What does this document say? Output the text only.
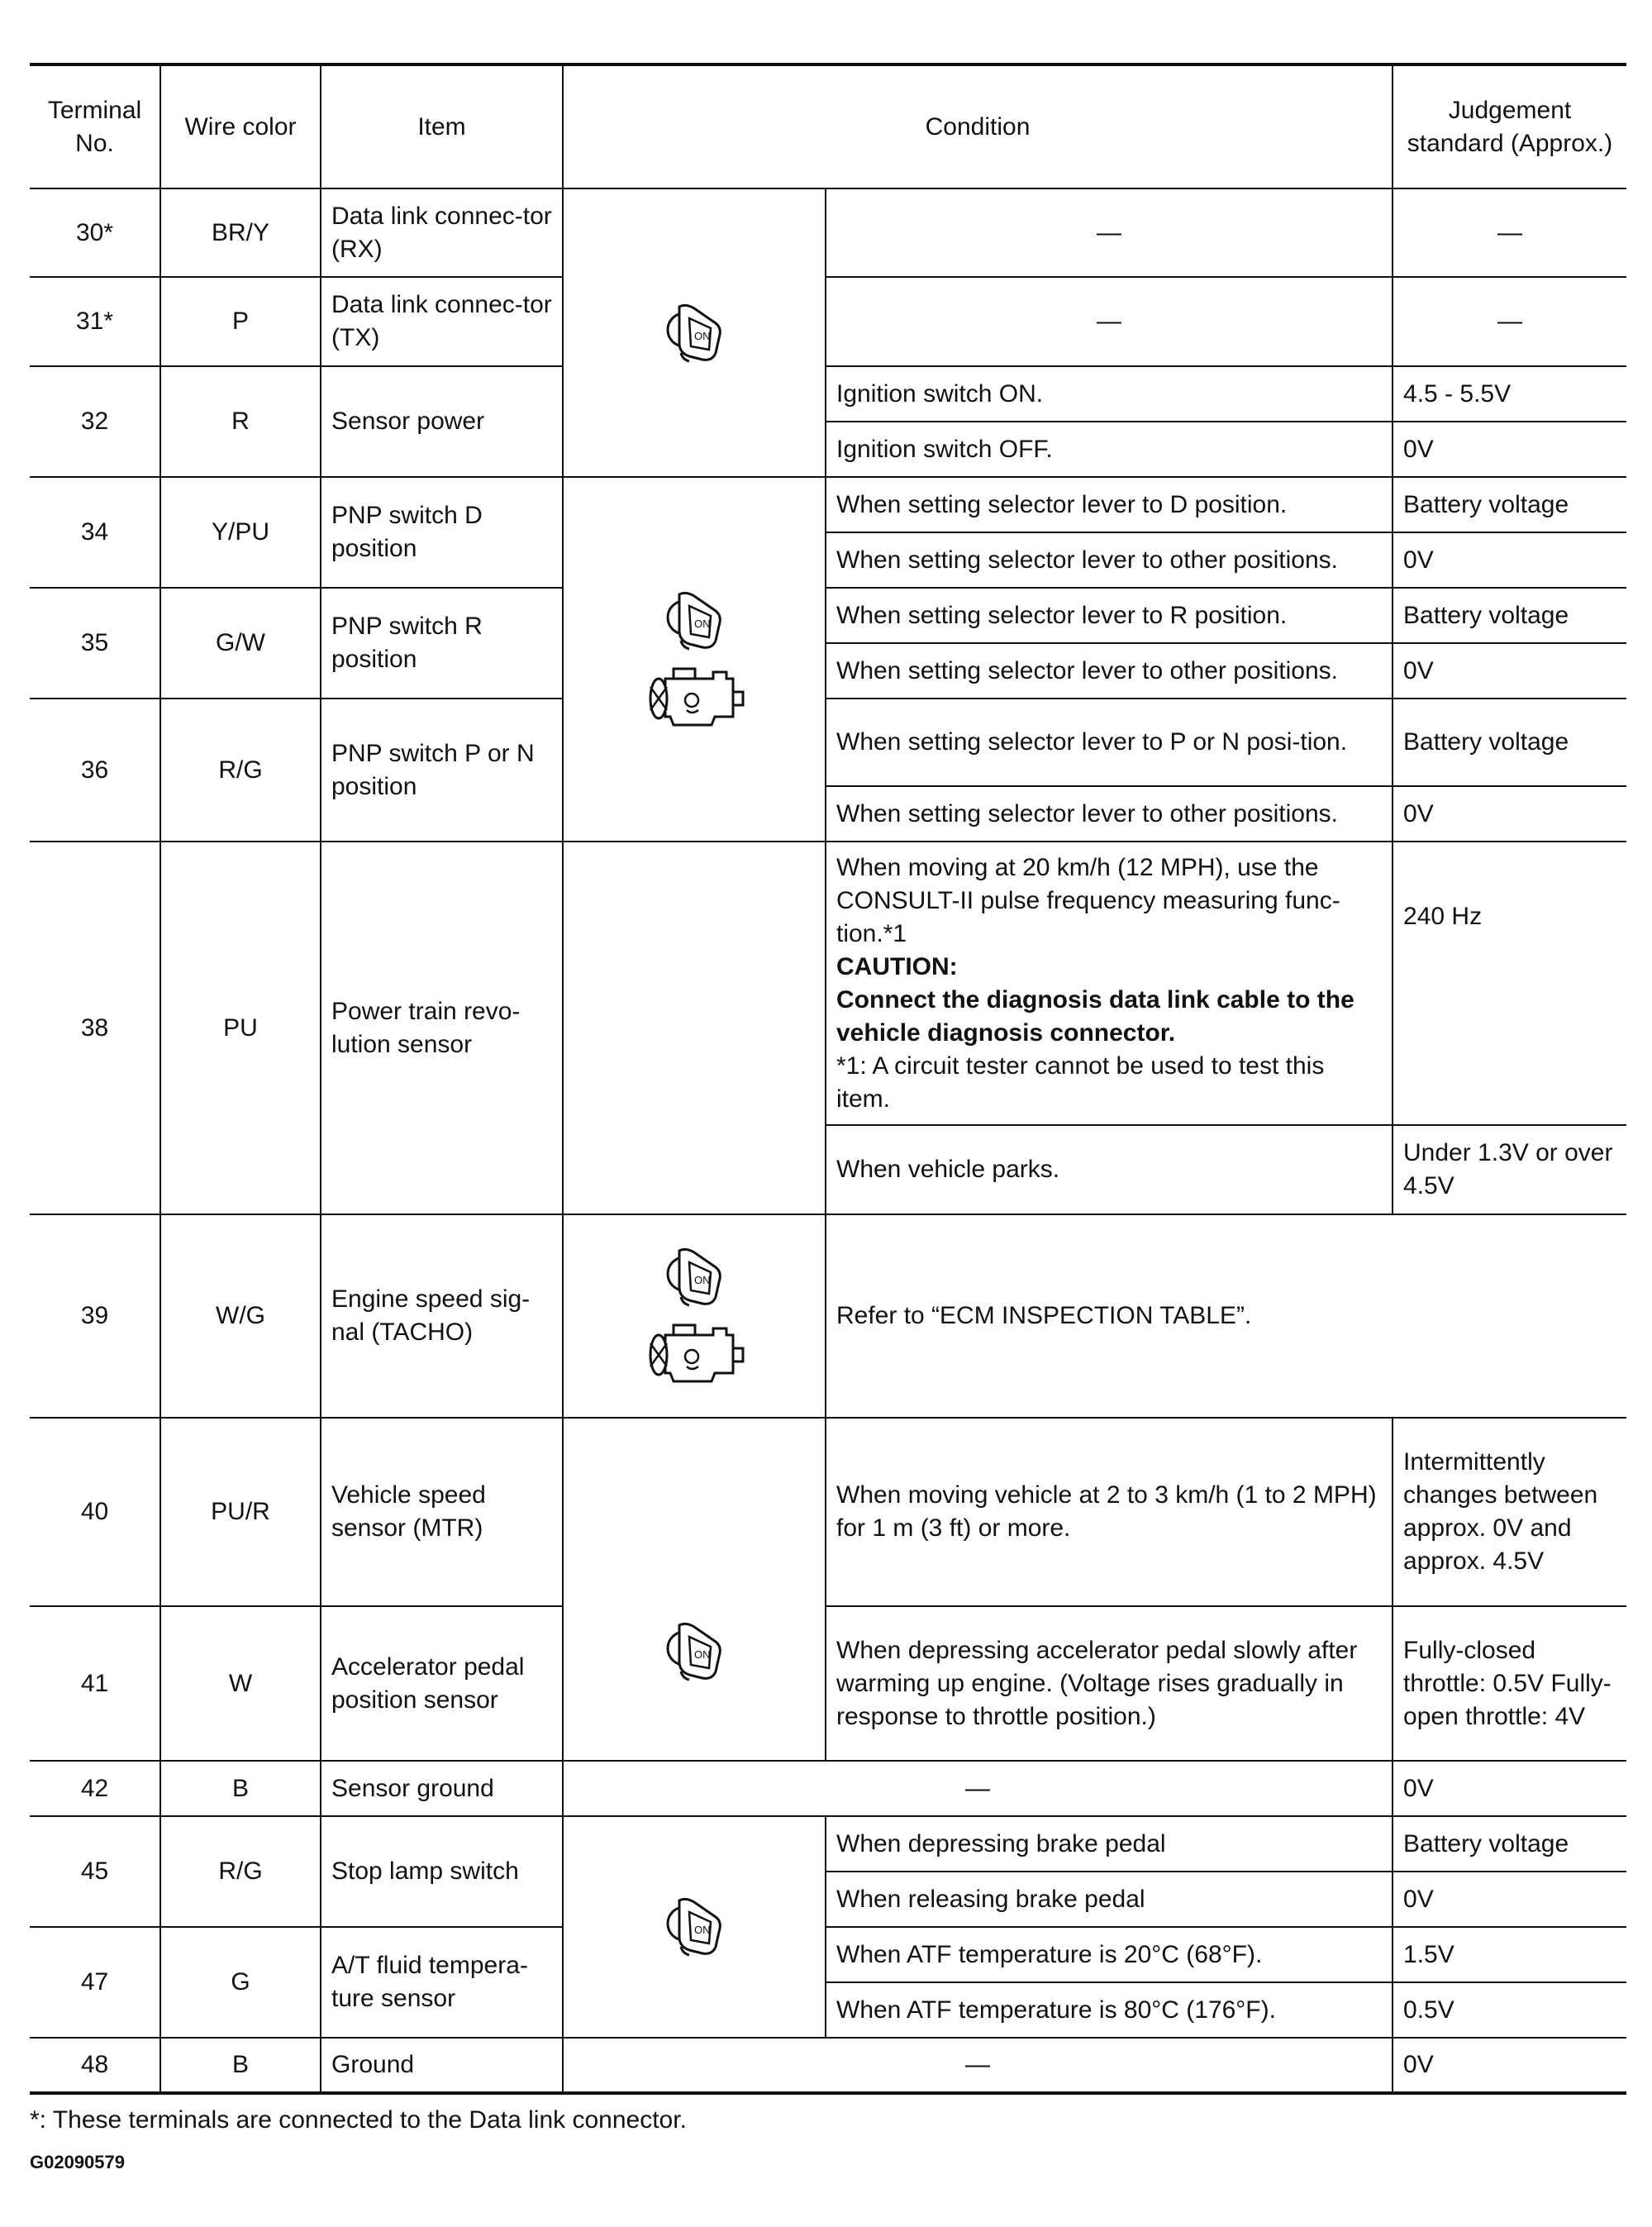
Terminal No.	Wire color	Item	Condition		Judgement standard (Approx.)
30*	BR/Y	Data link connec-tor (RX)		—	—
31*	P	Data link connec-tor (TX)		—	—
32	R	Sensor power		Ignition switch ON.	4.5 - 5.5V
				Ignition switch OFF.	0V
34	Y/PU	PNP switch D position		When setting selector lever to D position.	Battery voltage
				When setting selector lever to other positions.	0V
35	G/W	PNP switch R position		When setting selector lever to R position.	Battery voltage
				When setting selector lever to other positions.	0V
36	R/G	PNP switch P or N position		When setting selector lever to P or N posi-tion.	Battery voltage
				When setting selector lever to other positions.	0V
38	PU	Power train revo-lution sensor		When moving at 20 km/h (12 MPH), use the CONSULT-II pulse frequency measuring func-tion.*1
CAUTION:
Connect the diagnosis data link cable to the vehicle diagnosis connector.
*1: A circuit tester cannot be used to test this item.	240 Hz
				When vehicle parks.	Under 1.3V or over 4.5V
39	W/G	Engine speed sig-nal (TACHO)		Refer to “ECM INSPECTION TABLE”.	
40	PU/R	Vehicle speed sensor (MTR)		When moving vehicle at 2 to 3 km/h (1 to 2 MPH) for 1 m (3 ft) or more.	Intermittently changes between approx. 0V and approx. 4.5V
41	W	Accelerator pedal position sensor		When depressing accelerator pedal slowly after warming up engine. (Voltage rises gradually in response to throttle position.)	Fully-closed throttle: 0.5V Fully-open throttle: 4V
42	B	Sensor ground	—		0V
45	R/G	Stop lamp switch		When depressing brake pedal	Battery voltage
				When releasing brake pedal	0V
47	G	A/T fluid tempera-ture sensor		When ATF temperature is 20°C (68°F).	1.5V
				When ATF temperature is 80°C (176°F).	0.5V
48	B	Ground	—		0V
*: These terminals are connected to the Data link connector.
G02090579
